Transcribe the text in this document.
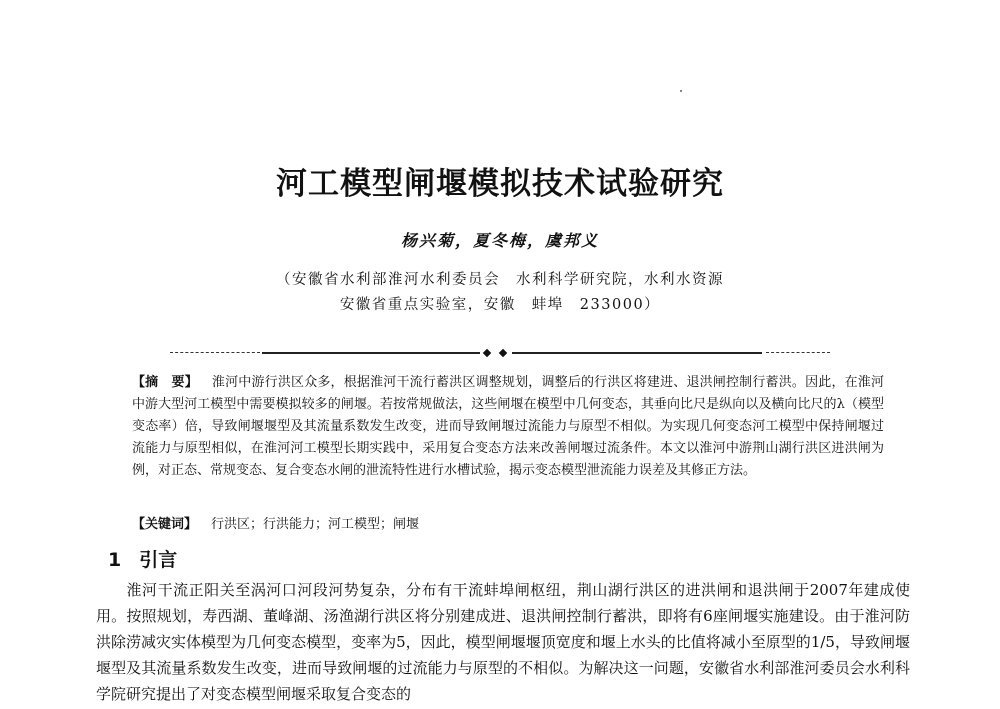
河工模型闸堰模拟技术试验研究
杨兴菊，夏冬梅，虞邦义
（安徽省水利部淮河水利委员会　水利科学研究院，水利水资源
安徽省重点实验室，安徽　蚌埠　233000）
【摘　要】 淮河中游行洪区众多，根据淮河干流行蓄洪区调整规划，调整后的行洪区将建进、退洪闸控制行蓄洪。因此，在淮河中游大型河工模型中需要模拟较多的闸堰。若按常规做法，这些闸堰在模型中几何变态，其垂向比尺是纵向以及横向比尺的λ（模型变态率）倍，导致闸堰堰型及其流量系数发生改变，进而导致闸堰过流能力与原型不相似。为实现几何变态河工模型中保持闸堰过流能力与原型相似，在淮河河工模型长期实践中，采用复合变态方法来改善闸堰过流条件。本文以淮河中游荆山湖行洪区进洪闸为例，对正态、常规变态、复合变态水闸的泄流特性进行水槽试验，揭示变态模型泄流能力误差及其修正方法。
【关键词】 行洪区；行洪能力；河工模型；闸堰
1 引言
淮河干流正阳关至涡河口河段河势复杂，分布有干流蚌埠闸枢纽，荆山湖行洪区的进洪闸和退洪闸于2007年建成使用。按照规划，寿西湖、董峰湖、汤渔湖行洪区将分别建成进、退洪闸控制行蓄洪，即将有6座闸堰实施建设。由于淮河防洪除涝减灾实体模型为几何变态模型，变率为5，因此，模型闸堰堰顶宽度和堰上水头的比值将减小至原型的1/5，导致闸堰堰型及其流量系数发生改变，进而导致闸堰的过流能力与原型的不相似。为解决这一问题，安徽省水利部淮河委员会水利科学院研究提出了对变态模型闸堰采取复合变态的
